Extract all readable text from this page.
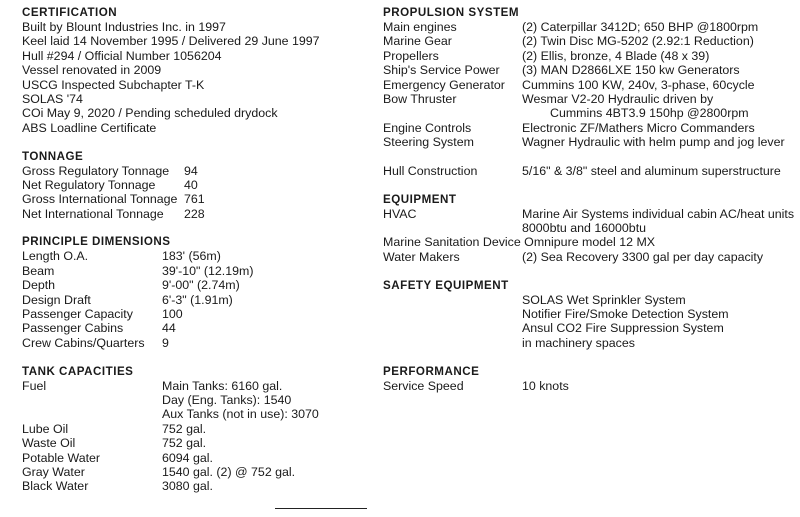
CERTIFICATION
Built by Blount Industries Inc. in 1997
Keel laid 14 November 1995 / Delivered 29 June 1997
Hull #294 / Official Number 1056204
Vessel renovated in 2009
USCG Inspected Subchapter T-K
SOLAS '74
COi May 9, 2020 / Pending scheduled drydock
ABS Loadline Certificate
TONNAGE
Gross Regulatory Tonnage	94
Net Regulatory Tonnage	40
Gross International Tonnage 761
Net International Tonnage	228
PRINCIPLE DIMENSIONS
Length O.A.	183' (56m)
Beam	39'-10" (12.19m)
Depth	9'-00" (2.74m)
Design Draft	6'-3" (1.91m)
Passenger Capacity	100
Passenger Cabins	44
Crew Cabins/Quarters	9
TANK CAPACITIES
Fuel	Main Tanks: 6160 gal.
Day (Eng. Tanks): 1540
Aux Tanks (not in use): 3070
Lube Oil	752 gal.
Waste Oil	752 gal.
Potable Water	6094 gal.
Gray Water	1540 gal. (2) @ 752 gal.
Black Water	3080 gal.
PROPULSION SYSTEM
Main engines	(2) Caterpillar 3412D; 650 BHP @1800rpm
Marine Gear	(2) Twin Disc MG-5202 (2.92:1 Reduction)
Propellers	(2) Ellis, bronze, 4 Blade (48 x 39)
Ship's Service Power	(3) MAN D2866LXE 150 kw Generators
Emergency Generator	Cummins 100 KW, 240v, 3-phase, 60cycle
Bow Thruster	Wesmar V2-20 Hydraulic driven by
Cummins 4BT3.9 150hp @2800rpm
Engine Controls	Electronic ZF/Mathers Micro Commanders
Steering System	Wagner Hydraulic with helm pump and jog lever
Hull Construction	5/16" & 3/8" steel and aluminum superstructure
EQUIPMENT
HVAC	Marine Air Systems individual cabin AC/heat units
8000btu and 16000btu
Marine Sanitation Device Omnipure model 12 MX
Water Makers	(2) Sea Recovery 3300 gal per day capacity
SAFETY EQUIPMENT
SOLAS Wet Sprinkler System
Notifier Fire/Smoke Detection System
Ansul CO2 Fire Suppression System
in machinery spaces
PERFORMANCE
Service Speed	10 knots
